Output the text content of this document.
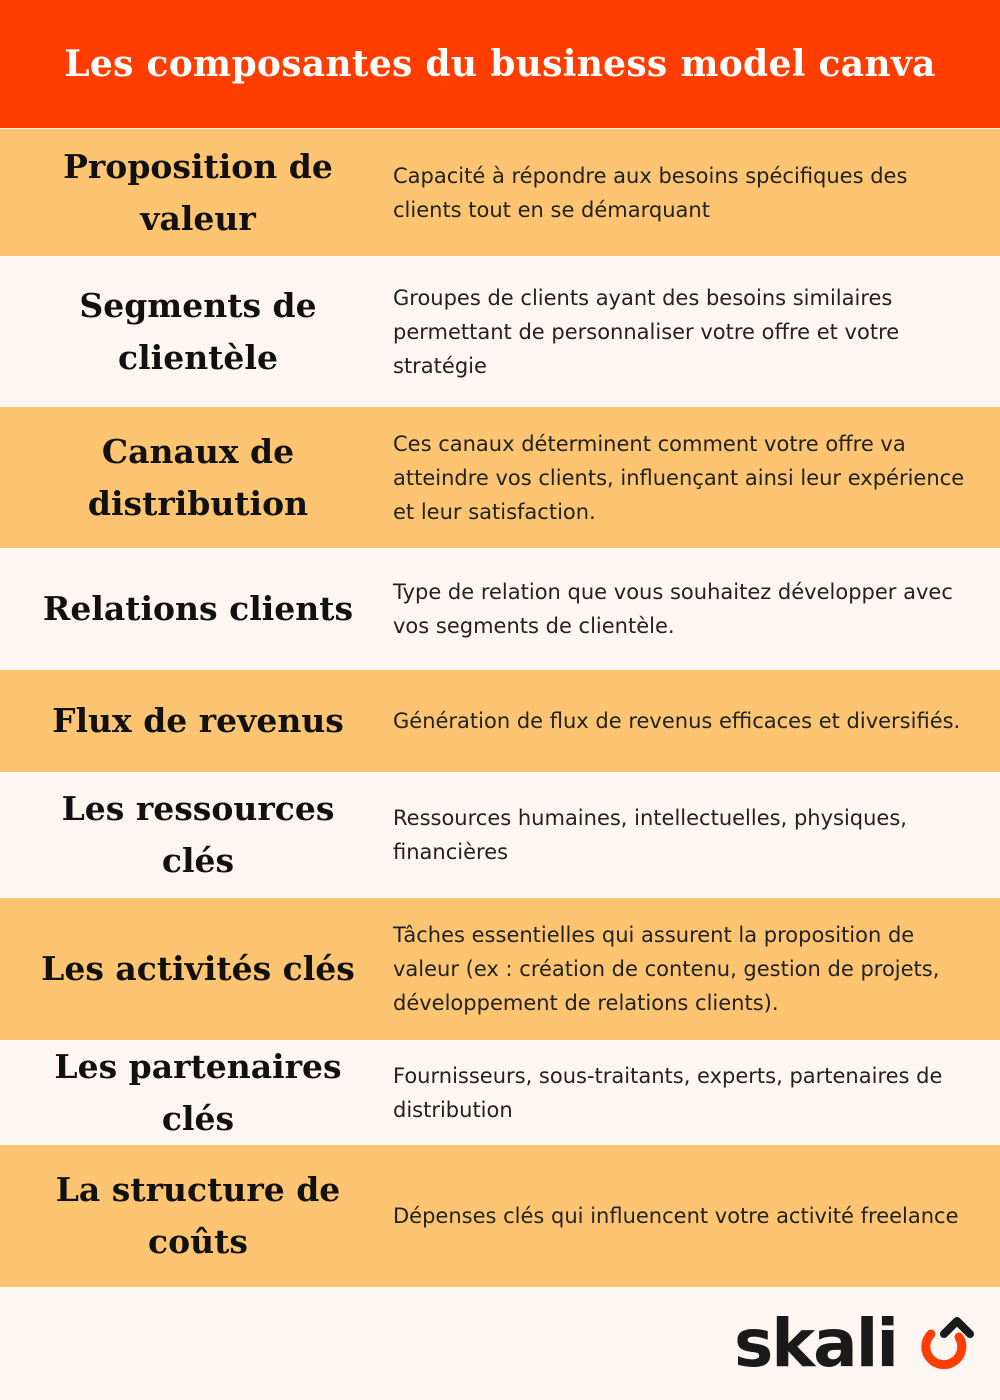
Les composantes du business model canva
Proposition de valeur
Capacité à répondre aux besoins spécifiques des clients tout en se démarquant
Segments de clientèle
Groupes de clients ayant des besoins similaires permettant de personnaliser votre offre et votre stratégie
Canaux de distribution
Ces canaux déterminent comment votre offre va atteindre vos clients, influençant ainsi leur expérience et leur satisfaction.
Relations clients	Type de relation que vous souhaitez développer avec vos segments de clientèle.
Flux de revenus	Génération de flux de revenus efficaces et diversifiés.
Les ressources clés
Ressources humaines, intellectuelles, physiques, financières
Les activités clés
Tâches essentielles qui assurent la proposition de valeur (ex : création de contenu, gestion de projets, développement de relations clients).
Les partenaires clés
Fournisseurs, sous-traitants, experts, partenaires de distribution
La structure de coûts
Dépenses clés qui influencent votre activité freelance
skali
